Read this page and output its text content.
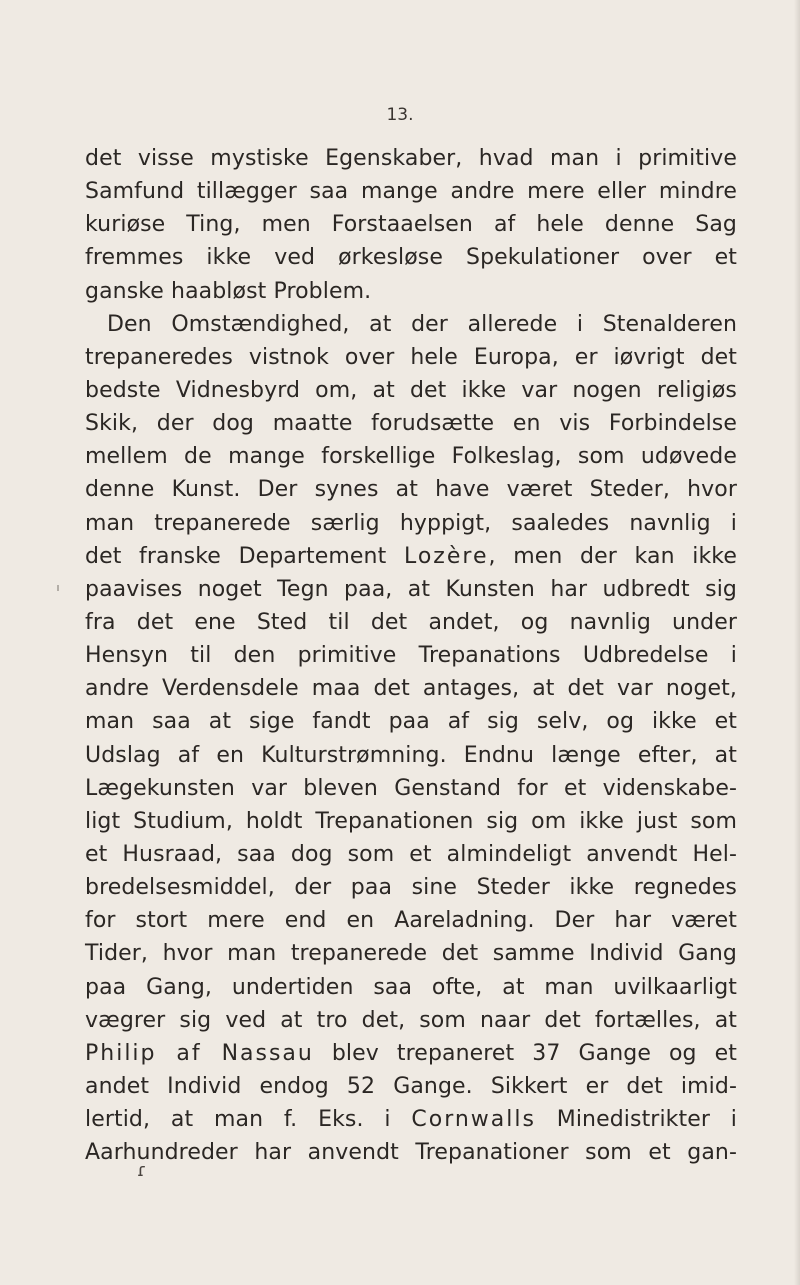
13.
det visse mystiske Egenskaber, hvad man i primitive
Samfund tillægger saa mange andre mere eller mindre
kuriøse Ting, men Forstaaelsen af hele denne Sag
fremmes ikke ved ørkesløse Spekulationer over et
ganske haabløst Problem.
Den Omstændighed, at der allerede i Stenalderen
trepaneredes vistnok over hele Europa, er iøvrigt det
bedste Vidnesbyrd om, at det ikke var nogen religiøs
Skik, der dog maatte forudsætte en vis Forbindelse
mellem de mange forskellige Folkeslag, som udøvede
denne Kunst. Der synes at have været Steder, hvor
man trepanerede særlig hyppigt, saaledes navnlig i
det franske Departement Lozère, men der kan ikke
paavises noget Tegn paa, at Kunsten har udbredt sig
fra det ene Sted til det andet, og navnlig under
Hensyn til den primitive Trepanations Udbredelse i
andre Verdensdele maa det antages, at det var noget,
man saa at sige fandt paa af sig selv, og ikke et
Udslag af en Kulturstrømning. Endnu længe efter, at
Lægekunsten var bleven Genstand for et videnskabe-
ligt Studium, holdt Trepanationen sig om ikke just som
et Husraad, saa dog som et almindeligt anvendt Hel-
bredelsesmiddel, der paa sine Steder ikke regnedes
for stort mere end en Aareladning. Der har været
Tider, hvor man trepanerede det samme Individ Gang
paa Gang, undertiden saa ofte, at man uvilkaarligt
vægrer sig ved at tro det, som naar det fortælles, at
Philip af Nassau blev trepaneret 37 Gange og et
andet Individ endog 52 Gange. Sikkert er det imid-
lertid, at man f. Eks. i Cornwalls Minedistrikter i
Aarhundreder har anvendt Trepanationer som et gan-
ɾ
